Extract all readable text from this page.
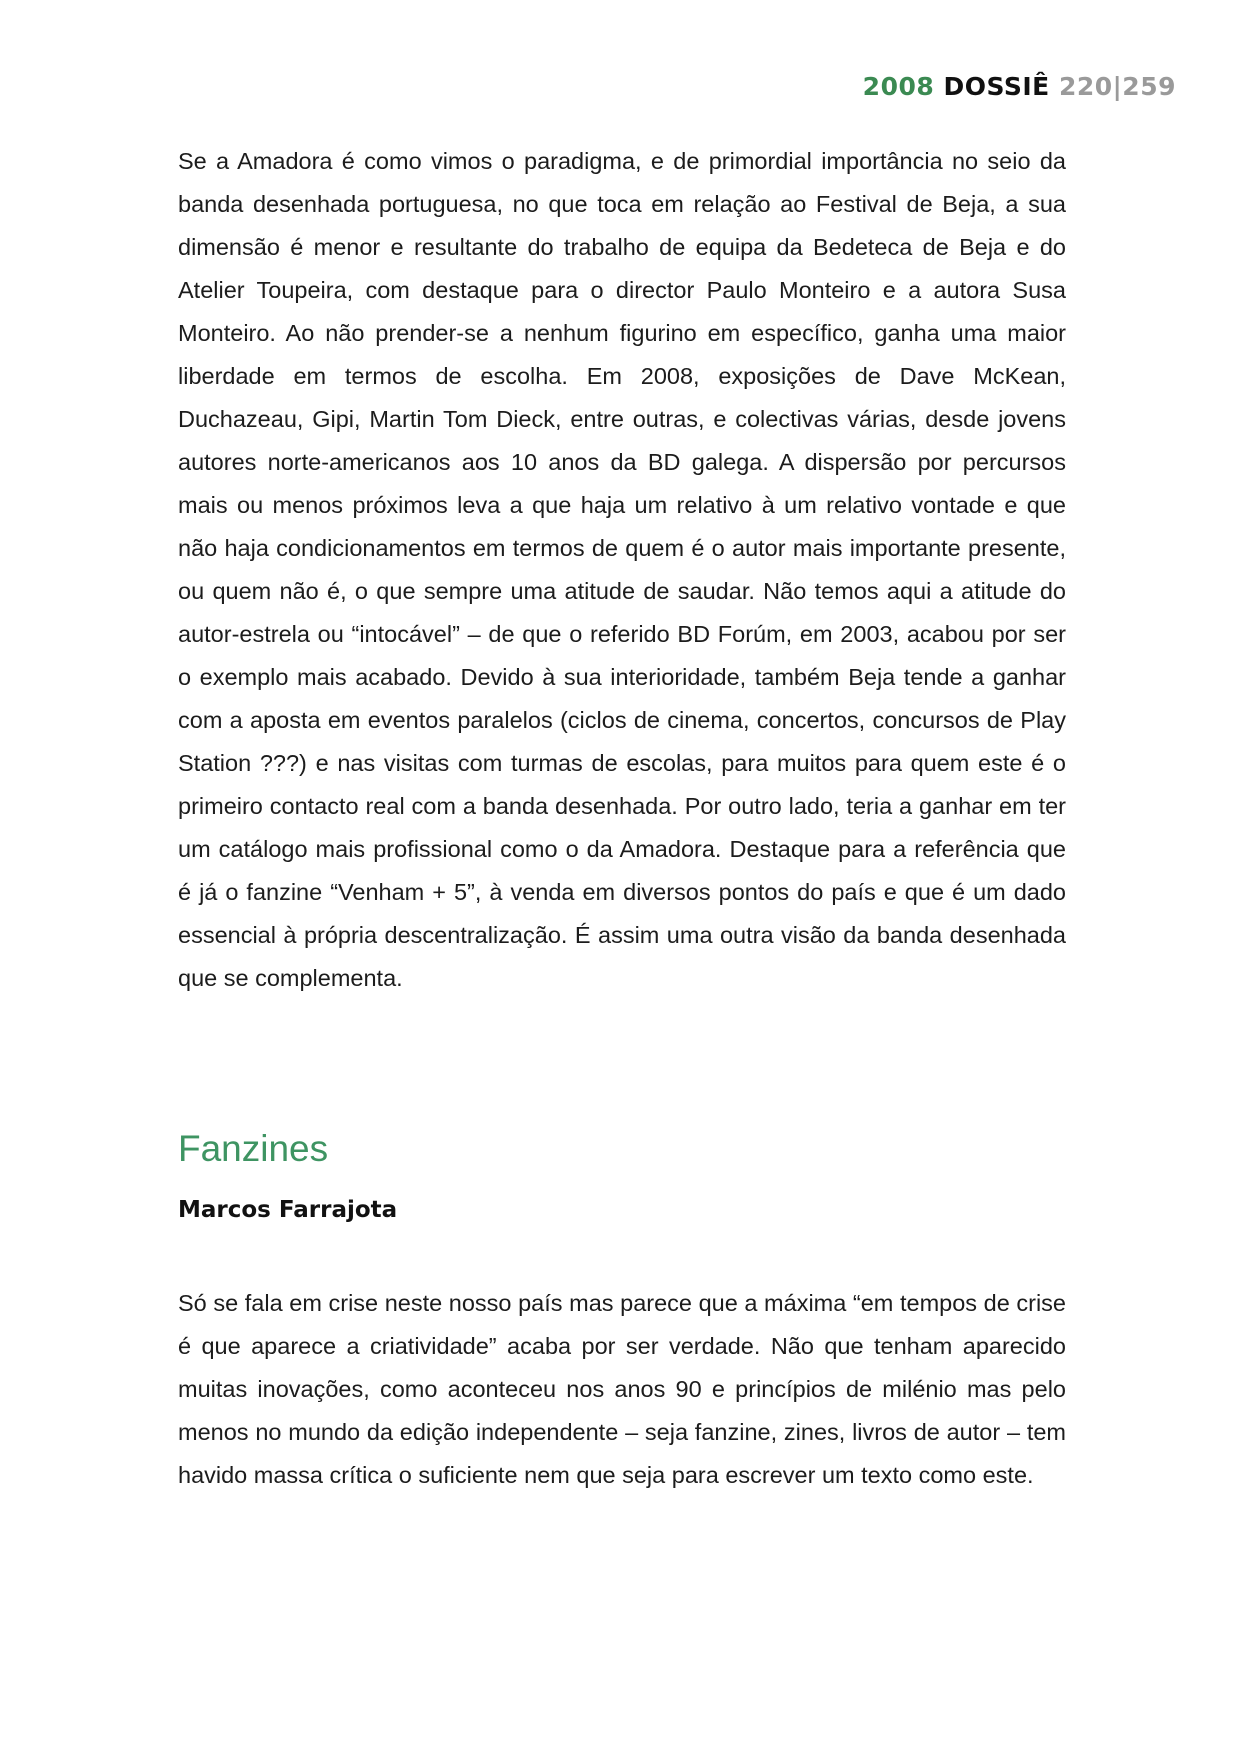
2008 DOSSIÊ 220|259

Se a Amadora é como vimos o paradigma, e de primordial importância no seio da banda desenhada portuguesa, no que toca em relação ao Festival de Beja, a sua dimensão é menor e resultante do trabalho de equipa da Bedeteca de Beja e do Atelier Toupeira, com destaque para o director Paulo Monteiro e a autora Susa Monteiro. Ao não prender-se a nenhum figurino em específico, ganha uma maior liberdade em termos de escolha. Em 2008, exposições de Dave McKean, Duchazeau, Gipi, Martin Tom Dieck, entre outras, e colectivas várias, desde jovens autores norte-americanos aos 10 anos da BD galega. A dispersão por percursos mais ou menos próximos leva a que haja um relativo à um relativo vontade e que não haja condicionamentos em termos de quem é o autor mais importante presente, ou quem não é, o que sempre uma atitude de saudar. Não temos aqui a atitude do autor-estrela ou “intocável” – de que o referido BD Forúm, em 2003, acabou por ser o exemplo mais acabado. Devido à sua interioridade, também Beja tende a ganhar com a aposta em eventos paralelos (ciclos de cinema, concertos, concursos de Play Station ???) e nas visitas com turmas de escolas, para muitos para quem este é o primeiro contacto real com a banda desenhada. Por outro lado, teria a ganhar em ter um catálogo mais profissional como o da Amadora. Destaque para a referência que é já o fanzine “Venham + 5”, à venda em diversos pontos do país e que é um dado essencial à própria descentralização. É assim uma outra visão da banda desenhada que se complementa.

Fanzines
Marcos Farrajota

Só se fala em crise neste nosso país mas parece que a máxima “em tempos de crise é que aparece a criatividade” acaba por ser verdade. Não que tenham aparecido muitas inovações, como aconteceu nos anos 90 e princípios de milénio mas pelo menos no mundo da edição independente – seja fanzine, zines, livros de autor – tem havido massa crítica o suficiente nem que seja para escrever um texto como este.
